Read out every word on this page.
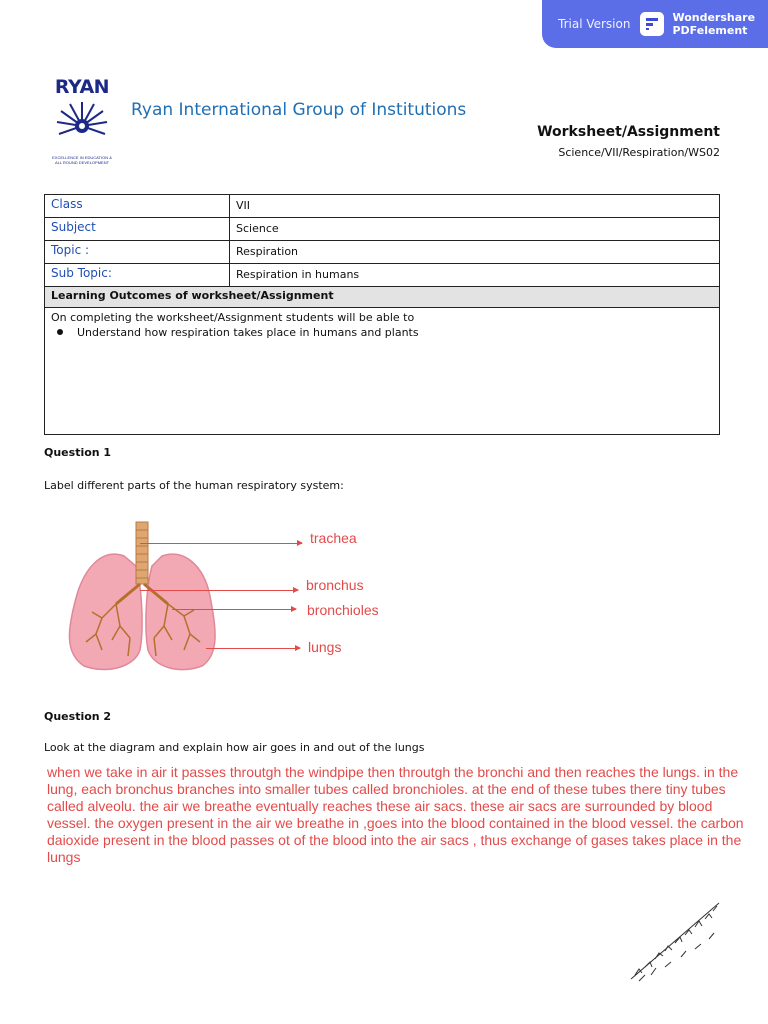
Trial Version	Wondershare
PDFelement
RYAN
EXCELLENCE IN EDUCATION & ALL ROUND DEVELOPMENT
Ryan International Group of Institutions
Worksheet/Assignment
Science/VII/Respiration/WS02
Class	VII
Subject	Science
Topic :	Respiration
Sub Topic:	Respiration in humans
Learning Outcomes of worksheet/Assignment	

On completing the worksheet/Assignment students will be able to
Understand how respiration takes place in humans and plants	
Question 1
Label different parts of the human respiratory system:
trachea
bronchus
bronchioles
lungs
Question 2
Look at the diagram and explain how air goes in and out of the lungs
when we take in air it passes throutgh the windpipe then throutgh the bronchi and then reaches the lungs. in the lung, each bronchus branches into smaller tubes called bronchioles. at the end of these tubes there tiny tubes called alveolu. the air we breathe eventually reaches these air sacs. these air sacs are surrounded by blood vessel. the oxygen present in the air we breathe in ,goes into the blood contained in the blood vessel. the carbon daioxide present in the blood passes ot of the blood into the air sacs , thus exchange of gases takes place in the lungs
